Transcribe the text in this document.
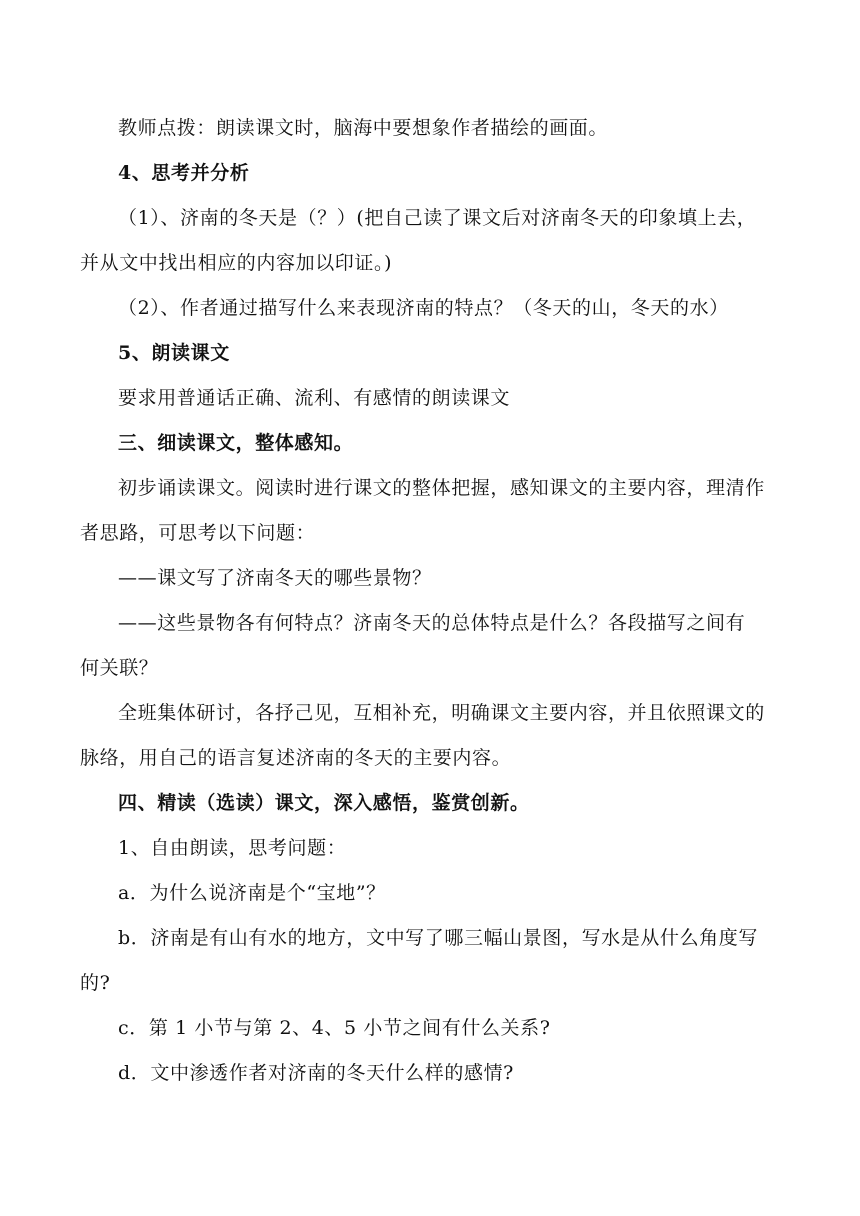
教师点拨：朗读课文时，脑海中要想象作者描绘的画面。
4、思考并分析
（1）、济南的冬天是（？）(把自己读了课文后对济南冬天的印象填上去，
并从文中找出相应的内容加以印证。)
（2）、作者通过描写什么来表现济南的特点？（冬天的山，冬天的水）
5、朗读课文
要求用普通话正确、流利、有感情的朗读课文
三、细读课文，整体感知。
初步诵读课文。阅读时进行课文的整体把握，感知课文的主要内容，理清作
者思路，可思考以下问题：
——课文写了济南冬天的哪些景物？
——这些景物各有何特点？济南冬天的总体特点是什么？各段描写之间有
何关联？
全班集体研讨，各抒己见，互相补充，明确课文主要内容，并且依照课文的
脉络，用自己的语言复述济南的冬天的主要内容。
四、精读（选读）课文，深入感悟，鉴赏创新。
1、自由朗读，思考问题：
a．为什么说济南是个“宝地”？
b．济南是有山有水的地方，文中写了哪三幅山景图，写水是从什么角度写
的?
c．第 1 小节与第 2、4、5 小节之间有什么关系?
d．文中渗透作者对济南的冬天什么样的感情?
